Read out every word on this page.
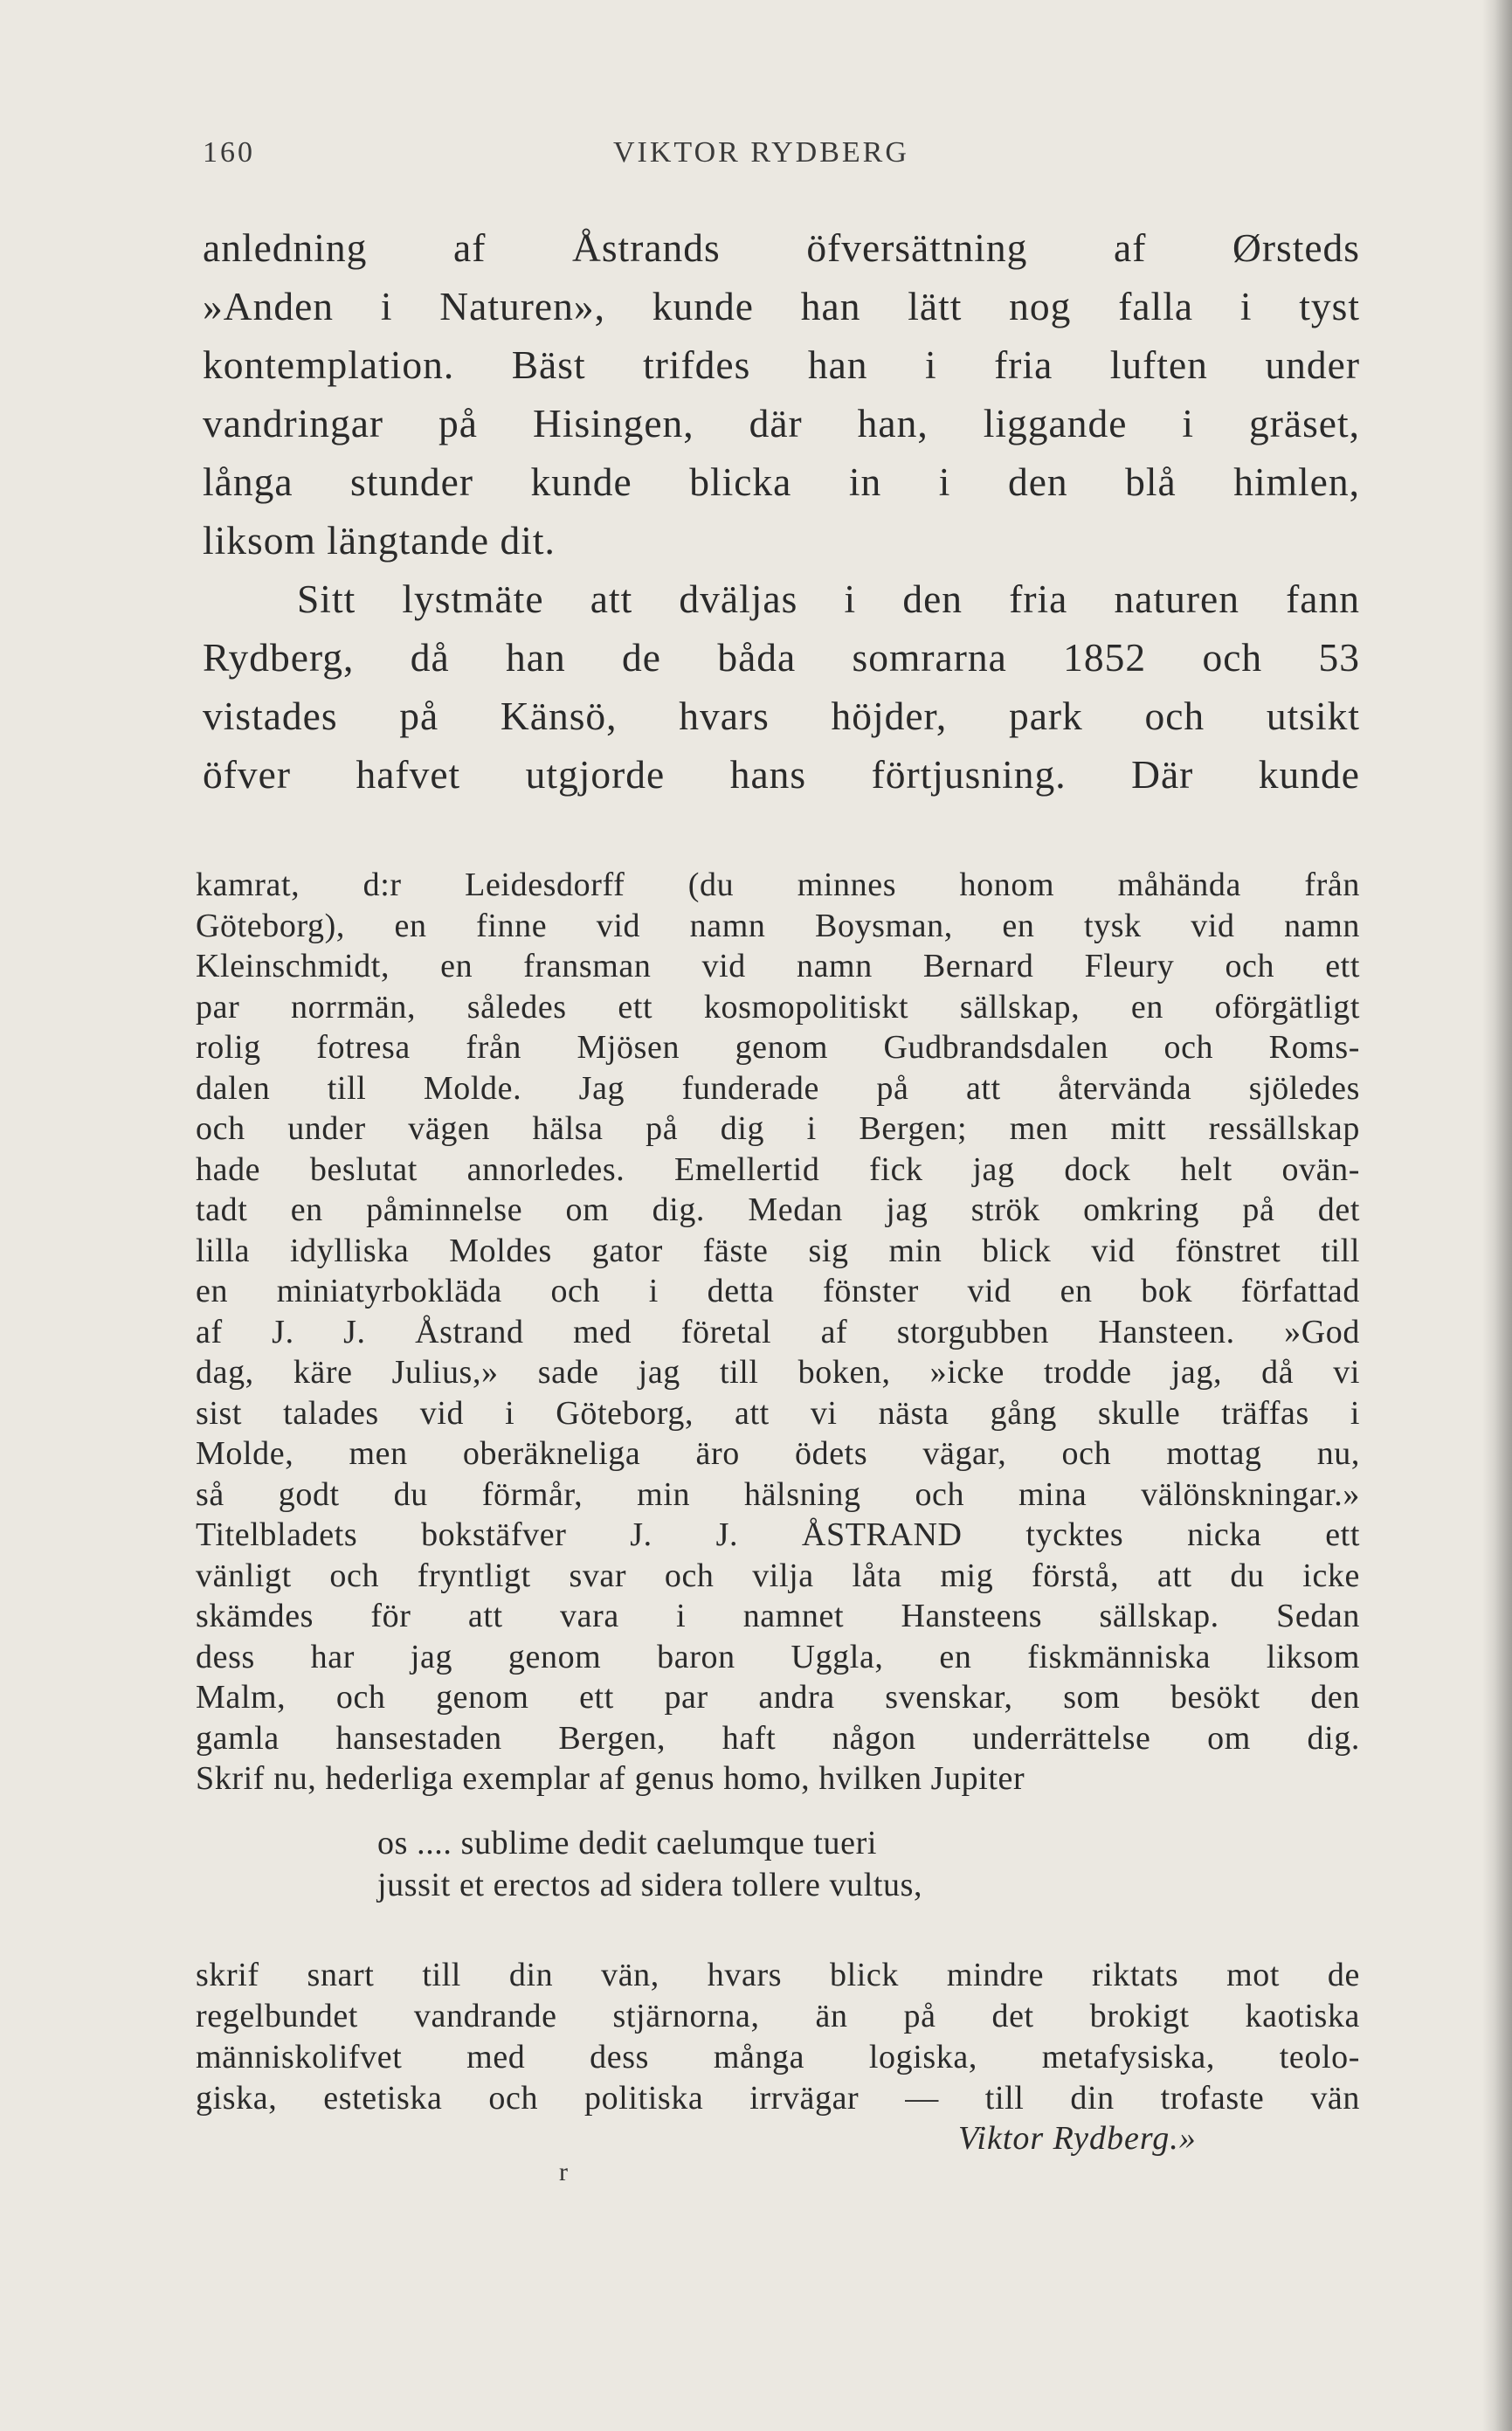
160	VIKTOR RYDBERG
anledning af Åstrands öfversättning af Ørsteds
»Anden i Naturen», kunde han lätt nog falla i tyst
kontemplation. Bäst trifdes han i fria luften under
vandringar på Hisingen, där han, liggande i gräset,
långa stunder kunde blicka in i den blå himlen,
liksom längtande dit.
Sitt lystmäte att dväljas i den fria naturen fann
Rydberg, då han de båda somrarna 1852 och 53
vistades på Känsö, hvars höjder, park och utsikt
öfver hafvet utgjorde hans förtjusning. Där kunde
kamrat, d:r Leidesdorff (du minnes honom måhända från
Göteborg), en finne vid namn Boysman, en tysk vid namn
Kleinschmidt, en fransman vid namn Bernard Fleury och ett
par norrmän, således ett kosmopolitiskt sällskap, en oförgätligt
rolig fotresa från Mjösen genom Gudbrandsdalen och Roms-
dalen till Molde. Jag funderade på att återvända sjöledes
och under vägen hälsa på dig i Bergen; men mitt ressällskap
hade beslutat annorledes. Emellertid fick jag dock helt ovän-
tadt en påminnelse om dig. Medan jag strök omkring på det
lilla idylliska Moldes gator fäste sig min blick vid fönstret till
en miniatyrbokläda och i detta fönster vid en bok författad
af J. J. Åstrand med företal af storgubben Hansteen. »God
dag, käre Julius,» sade jag till boken, »icke trodde jag, då vi
sist talades vid i Göteborg, att vi nästa gång skulle träffas i
Molde, men oberäkneliga äro ödets vägar, och mottag nu,
så godt du förmår, min hälsning och mina välönskningar.»
Titelbladets bokstäfver J. J. ÅSTRAND tycktes nicka ett
vänligt och fryntligt svar och vilja låta mig förstå, att du icke
skämdes för att vara i namnet Hansteens sällskap. Sedan
dess har jag genom baron Uggla, en fiskmänniska liksom
Malm, och genom ett par andra svenskar, som besökt den
gamla hansestaden Bergen, haft någon underrättelse om dig.
Skrif nu, hederliga exemplar af genus homo, hvilken Jupiter
os .... sublime dedit caelumque tueri
jussit et erectos ad sidera tollere vultus,
skrif snart till din vän, hvars blick mindre riktats mot de
regelbundet vandrande stjärnorna, än på det brokigt kaotiska
människolifvet med dess många logiska, metafysiska, teolo-
giska, estetiska och politiska irrvägar — till din trofaste vän
Viktor Rydberg.»
r
